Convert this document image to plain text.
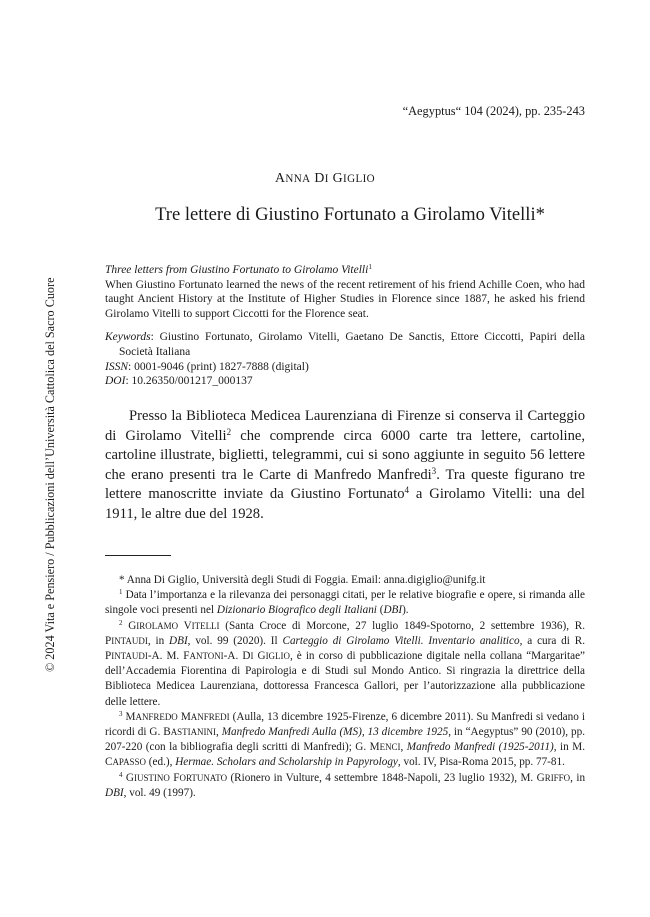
“Aegyptus“ 104 (2024), pp. 235-243
ANNA DI GIGLIO
Tre lettere di Giustino Fortunato a Girolamo Vitelli*

Three letters from Giustino Fortunato to Girolamo Vitelli$^1$

When Giustino Fortunato learned the news of the recent retirement of his friend Achille Coen, who had taught Ancient History at the Institute of Higher Studies in Florence since 1887, he asked his friend Girolamo Vitelli to support Ciccotti for the Florence seat.

Keywords: Giustino Fortunato, Girolamo Vitelli, Gaetano De Sanctis, Ettore Ciccotti, Papiri della Società Italiana

ISSN: 0001-9046 (print) 1827-7888 (digital)

DOI: 10.26350/001217_000137

Presso la Biblioteca Medicea Laurenziana di Firenze si conserva il Carteggio di Girolamo Vitelli$^2$ che comprende circa 6000 carte tra lettere, cartoline, cartoline illustrate, biglietti, telegrammi, cui si sono aggiunte in seguito 56 lettere che erano presenti tra le Carte di Manfredo Manfredi$^3$. Tra queste figurano tre lettere manoscritte inviate da Giustino Fortunato$^4$ a Girolamo Vitelli: una del 1911, le altre due del 1928.

* Anna Di Giglio, Università degli Studi di Foggia. Email: anna.digiglio@unifg.it

$^1$ Data l’importanza e la rilevanza dei personaggi citati, per le relative biografie e opere, si rimanda alle singole voci presenti nel Dizionario Biografico degli Italiani (DBI).

$^2$ GIROLAMO VITELLI (Santa Croce di Morcone, 27 luglio 1849-Spotorno, 2 settembre 1936), R. PINTAUDI, in DBI, vol. 99 (2020). Il Carteggio di Girolamo Vitelli. Inventario analitico, a cura di R. PINTAUDI-A. M. FANTONI-A. DI GIGLIO, è in corso di pubblicazione digitale nella collana “Margaritae” dell’Accademia Fiorentina di Papirologia e di Studi sul Mondo Antico. Si ringrazia la direttrice della Biblioteca Medicea Laurenziana, dottoressa Francesca Gallori, per l’autorizzazione alla pubblicazione delle lettere.

$^3$ MANFREDO MANFREDI (Aulla, 13 dicembre 1925-Firenze, 6 dicembre 2011). Su Manfredi si vedano i ricordi di G. BASTIANINI, Manfredo Manfredi Aulla (MS), 13 dicembre 1925, in “Aegyptus” 90 (2010), pp. 207-220 (con la bibliografia degli scritti di Manfredi); G. MENCI, Manfredo Manfredi (1925-2011), in M. CAPASSO (ed.), Hermae. Scholars and Scholarship in Papyrology, vol. IV, Pisa-Roma 2015, pp. 77-81.

$^4$ GIUSTINO FORTUNATO (Rionero in Vulture, 4 settembre 1848-Napoli, 23 luglio 1932), M. GRIFFO, in DBI, vol. 49 (1997).

© 2024 Vita e Pensiero / Pubblicazioni dell’Università Cattolica del Sacro Cuore
